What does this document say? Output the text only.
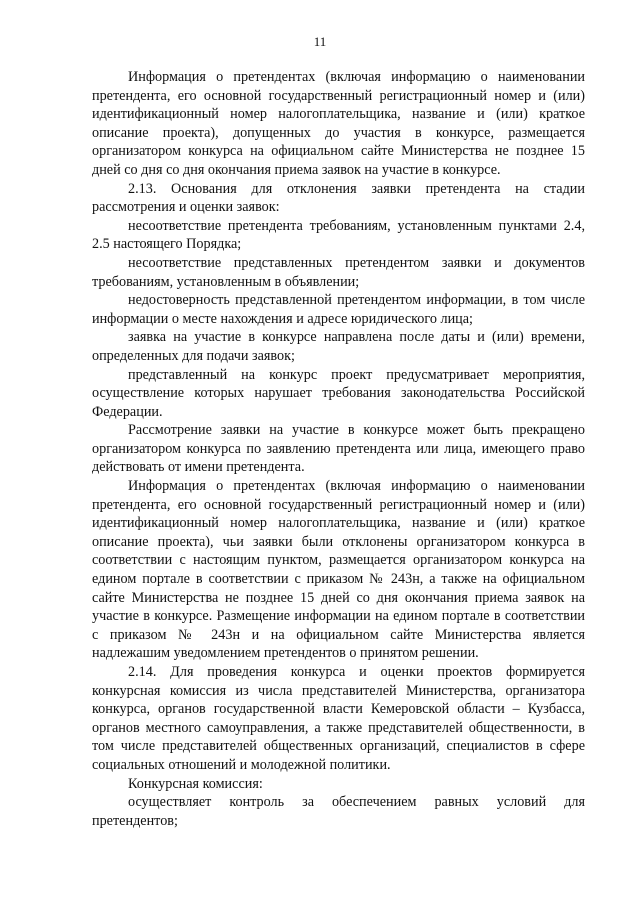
11

Информация о претендентах (включая информацию о наименовании претендента, его основной государственный регистрационный номер и (или) идентификационный номер налогоплательщика, название и (или) краткое описание проекта), допущенных до участия в конкурсе, размещается организатором конкурса на официальном сайте Министерства не позднее 15 дней со дня со дня окончания приема заявок на участие в конкурсе.

2.13. Основания для отклонения заявки претендента на стадии рассмотрения и оценки заявок:

несоответствие претендента требованиям, установленным пунктами 2.4, 2.5 настоящего Порядка;

несоответствие представленных претендентом заявки и документов требованиям, установленным в объявлении;

недостоверность представленной претендентом информации, в том числе информации о месте нахождения и адресе юридического лица;

заявка на участие в конкурсе направлена после даты и (или) времени, определенных для подачи заявок;

представленный на конкурс проект предусматривает мероприятия, осуществление которых нарушает требования законодательства Российской Федерации.

Рассмотрение заявки на участие в конкурсе может быть прекращено организатором конкурса по заявлению претендента или лица, имеющего право действовать от имени претендента.

Информация о претендентах (включая информацию о наименовании претендента, его основной государственный регистрационный номер и (или) идентификационный номер налогоплательщика, название и (или) краткое описание проекта), чьи заявки были отклонены организатором конкурса в соответствии с настоящим пунктом, размещается организатором конкурса на едином портале в соответствии с приказом № 243н, а также на официальном сайте Министерства не позднее 15 дней со дня окончания приема заявок на участие в конкурсе. Размещение информации на едином портале в соответствии с приказом № 243н и на официальном сайте Министерства является надлежашим уведомлением претендентов о принятом решении.

2.14. Для проведения конкурса и оценки проектов формируется конкурсная комиссия из числа представителей Министерства, организатора конкурса, органов государственной власти Кемеровской области – Кузбасса, органов местного самоуправления, а также представителей общественности, в том числе представителей общественных организаций, специалистов в сфере социальных отношений и молодежной политики.

Конкурсная комиссия:

осуществляет контроль за обеспечением равных условий для претендентов;
